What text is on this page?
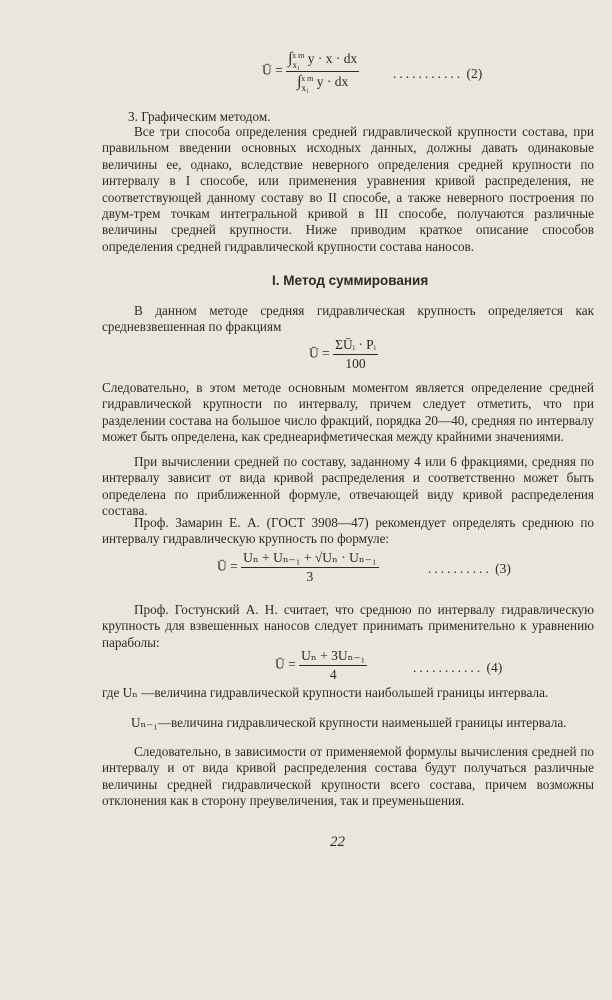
Ū = $\frac{\int_{x_1}^{x m} y \cdot x \cdot dx}{\int_{x_1}^{x m} y \cdot dx}$ ........... (2)
3. Графическим методом.
Все три способа определения средней гидравлической крупности состава, при правильном введении основных исходных данных, должны давать одинаковые величины ее, однако, вследствие неверного определения средней крупности по интервалу в I способе, или применения уравнения кривой распределения, не соответствующей данному составу во II способе, а также неверного построения по двум-трем точкам интегральной кривой в III способе, получаются различные величины средней крупности. Ниже приводим краткое описание способов определения средней гидравлической крупности состава наносов.
I. Метод суммирования
В данном методе средняя гидравлическая крупность определяется как средневзвешенная по фракциям
Ū = $\frac{\text{ΣŪᵢ · Pᵢ}}{100}$
Следовательно, в этом методе основным моментом является определение средней гидравлической крупности по интервалу, причем следует отметить, что при разделении состава на большое число фракций, порядка 20—40, средняя по интервалу может быть определена, как среднеарифметическая между крайними значениями.
При вычислении средней по составу, заданному 4 или 6 фракциями, средняя по интервалу зависит от вида кривой распределения и соответственно может быть определена по приближенной формуле, отвечающей виду кривой распределения состава.
Проф. Замарин Е. А. (ГОСТ 3908—47) рекомендует определять среднюю по интервалу гидравлическую крупность по формуле:
Ū = $\frac{\text{Uₙ + Uₙ₋₁ + √Uₙ · Uₙ₋₁}}{3}$	.......... (3)
Проф. Гостунский А. Н. считает, что среднюю по интервалу гидравлическую крупность для взвешенных наносов следует принимать применительно к уравнению параболы:
Ū = $\frac{\text{Uₙ + 3Uₙ₋₁}}{4}$	........... (4)
где Uₙ —величина гидравлической крупности наибольшей границы интервала.
Uₙ₋₁—величина гидравлической крупности наименьшей границы интервала.
Следовательно, в зависимости от применяемой формулы вычисления средней по интервалу и от вида кривой распределения состава будут получаться различные величины средней гидравлической крупности всего состава, причем возможны отклонения как в сторону преувеличения, так и преуменьшения.
22
